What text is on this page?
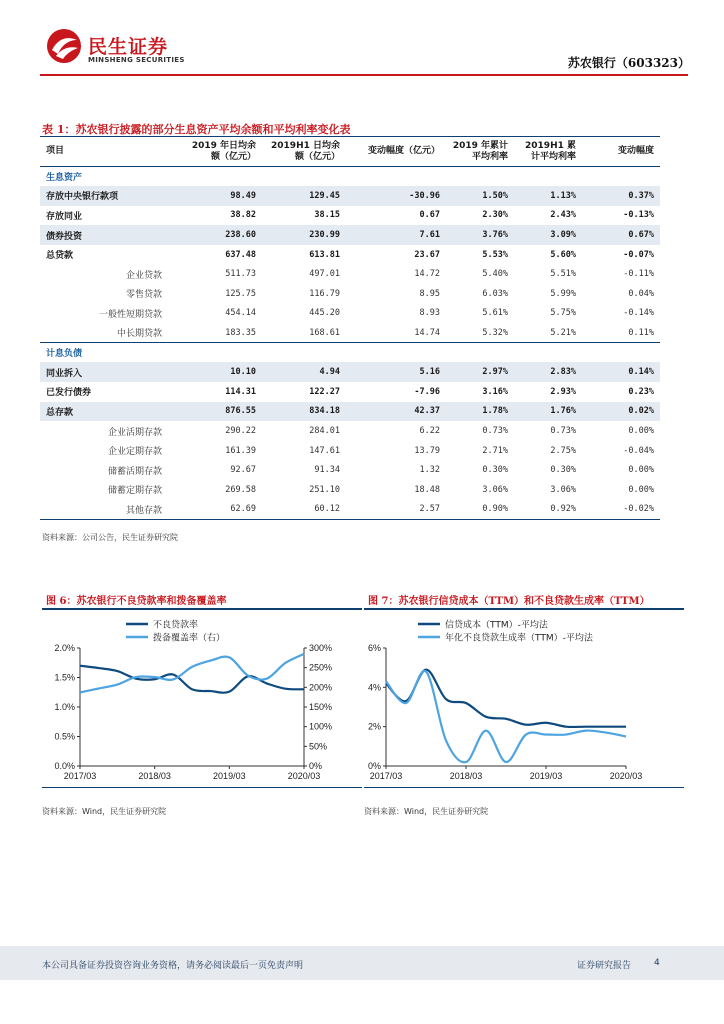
民生证券
MINSHENG SECURITIES	苏农银行（603323）
表 1：苏农银行披露的部分生息资产平均余额和平均利率变化表
项目	2019 年日均余额（亿元）	2019H1 日均余额（亿元）	变动幅度（亿元）	2019 年累计平均利率	2019H1 累计平均利率	变动幅度
生息资产						
存放中央银行款项	98.49	129.45	-30.96	1.50%	1.13%	0.37%
存放同业	38.82	38.15	0.67	2.30%	2.43%	-0.13%
债券投资	238.60	230.99	7.61	3.76%	3.09%	0.67%
总贷款	637.48	613.81	23.67	5.53%	5.60%	-0.07%
企业贷款	511.73	497.01	14.72	5.40%	5.51%	-0.11%
零售贷款	125.75	116.79	8.95	6.03%	5.99%	0.04%
一般性短期贷款	454.14	445.20	8.93	5.61%	5.75%	-0.14%
中长期贷款	183.35	168.61	14.74	5.32%	5.21%	0.11%
计息负债						
同业拆入	10.10	4.94	5.16	2.97%	2.83%	0.14%
已发行债券	114.31	122.27	-7.96	3.16%	2.93%	0.23%
总存款	876.55	834.18	42.37	1.78%	1.76%	0.02%
企业活期存款	290.22	284.01	6.22	0.73%	0.73%	0.00%
企业定期存款	161.39	147.61	13.79	2.71%	2.75%	-0.04%
储蓄活期存款	92.67	91.34	1.32	0.30%	0.30%	0.00%
储蓄定期存款	269.58	251.10	18.48	3.06%	3.06%	0.00%
其他存款	62.69	60.12	2.57	0.90%	0.92%	-0.02%
资料来源：公司公告，民生证券研究院
图 6：苏农银行不良贷款率和拨备覆盖率
0.0%
0.5%
1.0%
1.5%
2.0%
0%
50%
100%
150%
200%
250%
300%
2017/03	2018/03	2019/03	2020/03
不良贷款率
拨备覆盖率（右）
资料来源：Wind，民生证券研究院
图 7：苏农银行信贷成本（TTM）和不良贷款生成率（TTM）
0%
2%
4%
6%
2017/03	2018/03	2019/03	2020/03
信贷成本（TTM）-平均法
年化不良贷款生成率（TTM）-平均法
资料来源：Wind，民生证券研究院
本公司具备证券投资咨询业务资格，请务必阅读最后一页免责声明	证券研究报告	4
